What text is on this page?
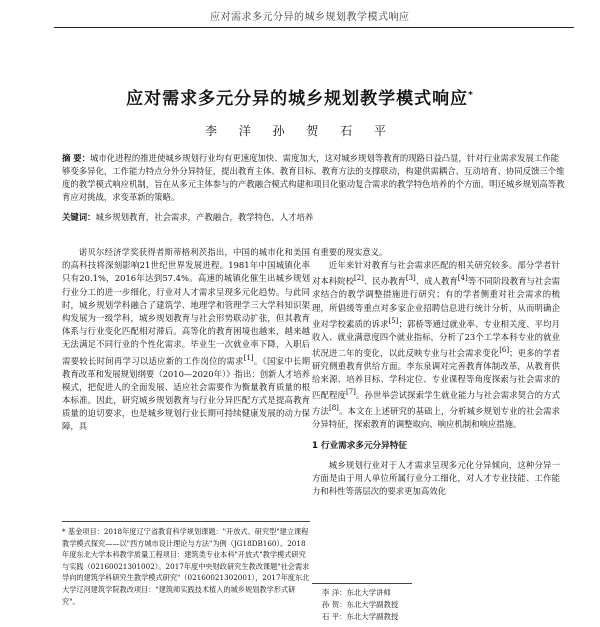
应对需求多元分异的城乡规划教学模式响应
应对需求多元分异的城乡规划教学模式响应*
李 洋 孙 贺 石 平
摘 要：城市化进程的推进使城乡规划行业均有更速度加快、需度加大，这对城乡规划等教育的现路日益凸显，针对行业需求发展工作能够变多异化，工作能力特点分外分异特征，提出教育主体、教育目标、教育方法的支撑联动，构建供需耦合、互动培育、协同反馈三个维度的教学模式响应机制，旨在从多元主体参与的产教融合模式构建和项目化驱动复合需求的教学特色培养的个方面，明还城乡规划高等教育应对挑战，求变革新的策略。
关键词：城乡规划教育，社会需求，产教融合，教学特色，人才培养

诺贝尔经济学奖获得者斯蒂格利茨指出，中国的城市化和美国的高科技将深刻影响21世纪世界发展进程。1981年中国城镇化率只有20.1%，2016年达到57.4%。高速的城镇化催生出城乡规划行业分工的进一步细化，行业对人才需求呈现多元化趋势。与此同时，城乡规划学科融合了建筑学、地理学和管理学三大学科知识架构发展为一级学科，城乡规划教育与社会形势联动扩张，但其教育体系与行业变化匹配相对滞后。高等化的教育困境也越来，越来越无法满足不同行业的个性化需求。毕业生一次就业率下降，入职后需要较长时间再学习以适应新的工作岗位的需求[1]。《国家中长期教育改革和发展规划纲要（2010—2020年）》指出：创新人才培养模式，把促进人的全面发展、适应社会需要作为衡量教育质量的根本标准。因此，研究城乡规划教育与行业分异匹配方式是提高教育质量的迫切要求，也是城乡规划行业长期可持续健康发展的动力保障，具

有重要的现实意义。

近年来针对教育与社会需求匹配的相关研究较多。部分学者针对本科院校[2]、民办教育[3]、成人教育[4]等不同阶段教育与社会需求结合的教学调整措施进行研究；有的学者侧重对社会需求的梳理，所倡缓等重点对多家企业招聘信息进行统计分析，从而明确企业对学校素质的诉求[5]；郭桥等通过就业率、专业相关度、平均月收入、就业满意度四个就业指标，分析了23个工学本科专业的就业状况进二年的变化，以此反映专业与社会需求变化[6]；更多的学者研究侧重教育供给方面。李东泉调对完善教育体制改革，从教育供给来源、培养目标、学科定位、专业课程等角度探索与社会需求的匹配程度[7]。孙世举尝试探索学生就业能力与社会需求契合的方式方法[8]。本文在上述研究的基础上，分析城乡规划专业的社会需求分异特征，探索教育的调整取向、响应机制和响应措施。

1 行业需求多元分异特征

城乡规划行业对于人才需求呈现多元化分异倾向，这种分异一方面是由于用人单位所属行业分工细化，对人才专业技能、工作能力和科性等落层次的要求更加高效化

* 基金项目：2018年度辽宁省教育科学规划课题："开放式、研究型"建立课程教学模式探究——以"西方城市设计理论与方法"为例（JG18DB160）。2018年度东北大学本科教学质量工程项目：建筑类专业本科"开放式"教学模式研究与实践（02160021301002）。2017年度中央财政研究生教改课题"社会需求导向的建筑学科研究生教学模式研究"（02160021302001），2017年度东北大学辽河建筑学院教改项目："建筑师实践技术植入的城乡规划教学形式研究"。
李 洋：东北大学讲师
孙 贺：东北大学副教授
石 平：东北大学副教授
